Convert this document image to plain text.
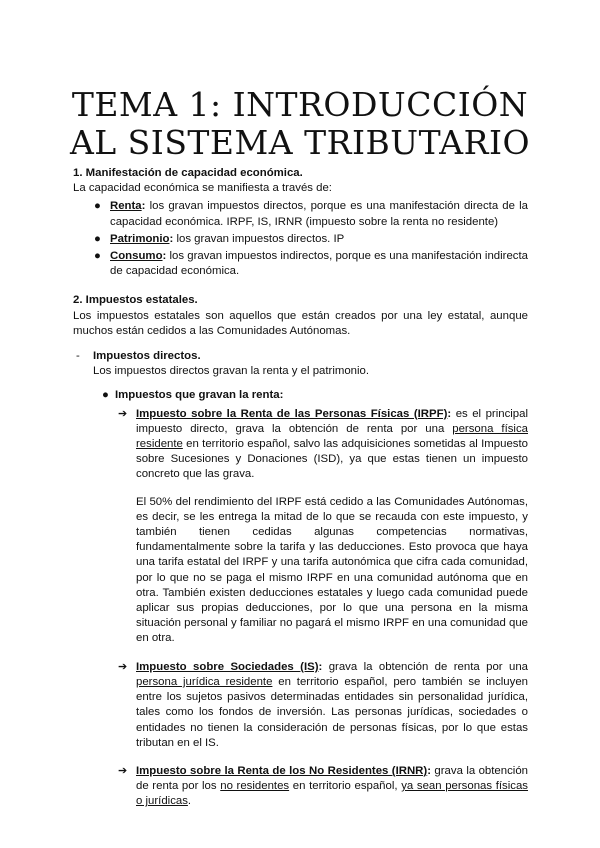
TEMA 1: INTRODUCCIÓN
AL SISTEMA TRIBUTARIO

1. Manifestación de capacidad económica.

La capacidad económica se manifiesta a través de:

● Renta: los gravan impuestos directos, porque es una manifestación directa de la capacidad económica. IRPF, IS, IRNR (impuesto sobre la renta no residente)
● Patrimonio: los gravan impuestos directos. IP
● Consumo: los gravan impuestos indirectos, porque es una manifestación indirecta de capacidad económica.

2. Impuestos estatales.

Los impuestos estatales son aquellos que están creados por una ley estatal, aunque muchos están cedidos a las Comunidades Autónomas.

- Impuestos directos.

Los impuestos directos gravan la renta y el patrimonio.

● Impuestos que gravan la renta:
➔ Impuesto sobre la Renta de las Personas Físicas (IRPF): es el principal impuesto directo, grava la obtención de renta por una persona física residente en territorio español, salvo las adquisiciones sometidas al Impuesto sobre Sucesiones y Donaciones (ISD), ya que estas tienen un impuesto concreto que las grava.

El 50% del rendimiento del IRPF está cedido a las Comunidades Autónomas, es decir, se les entrega la mitad de lo que se recauda con este impuesto, y también tienen cedidas algunas competencias normativas, fundamentalmente sobre la tarifa y las deducciones. Esto provoca que haya una tarifa estatal del IRPF y una tarifa autonómica que cifra cada comunidad, por lo que no se paga el mismo IRPF en una comunidad autónoma que en otra. También existen deducciones estatales y luego cada comunidad puede aplicar sus propias deducciones, por lo que una persona en la misma situación personal y familiar no pagará el mismo IRPF en una comunidad que en otra.

➔ Impuesto sobre Sociedades (IS): grava la obtención de renta por una persona jurídica residente en territorio español, pero también se incluyen entre los sujetos pasivos determinadas entidades sin personalidad jurídica, tales como los fondos de inversión. Las personas jurídicas, sociedades o entidades no tienen la consideración de personas físicas, por lo que estas tributan en el IS.
➔ Impuesto sobre la Renta de los No Residentes (IRNR): grava la obtención de renta por los no residentes en territorio español, ya sean personas físicas o jurídicas.
